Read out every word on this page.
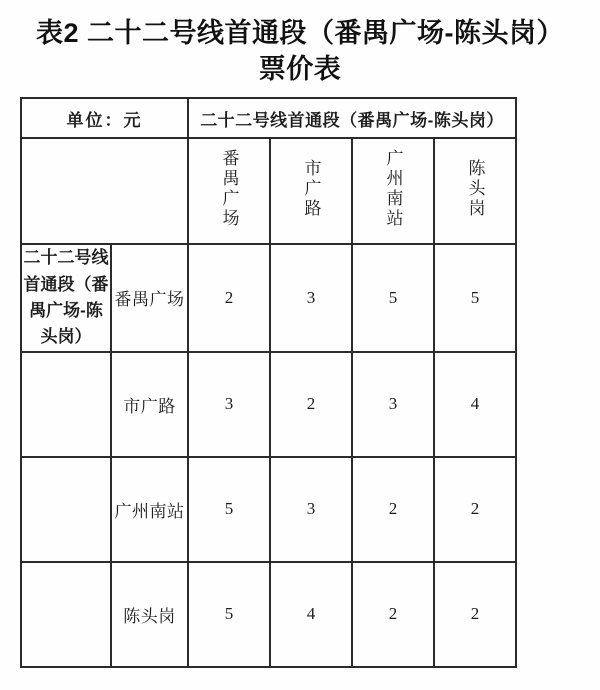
表2 二十二号线首通段（番禺广场-陈头岗）
票价表
单位：元		二十二号线首通段（番禺广场-陈头岗）			
		番禺广场	市广路	广州南站	陈头岗
二十二号线首通段（番禺广场-陈头岗）	番禺广场	2	3	5	5
	市广路	3	2	3	4
	广州南站	5	3	2	2
	陈头岗	5	4	2	2
